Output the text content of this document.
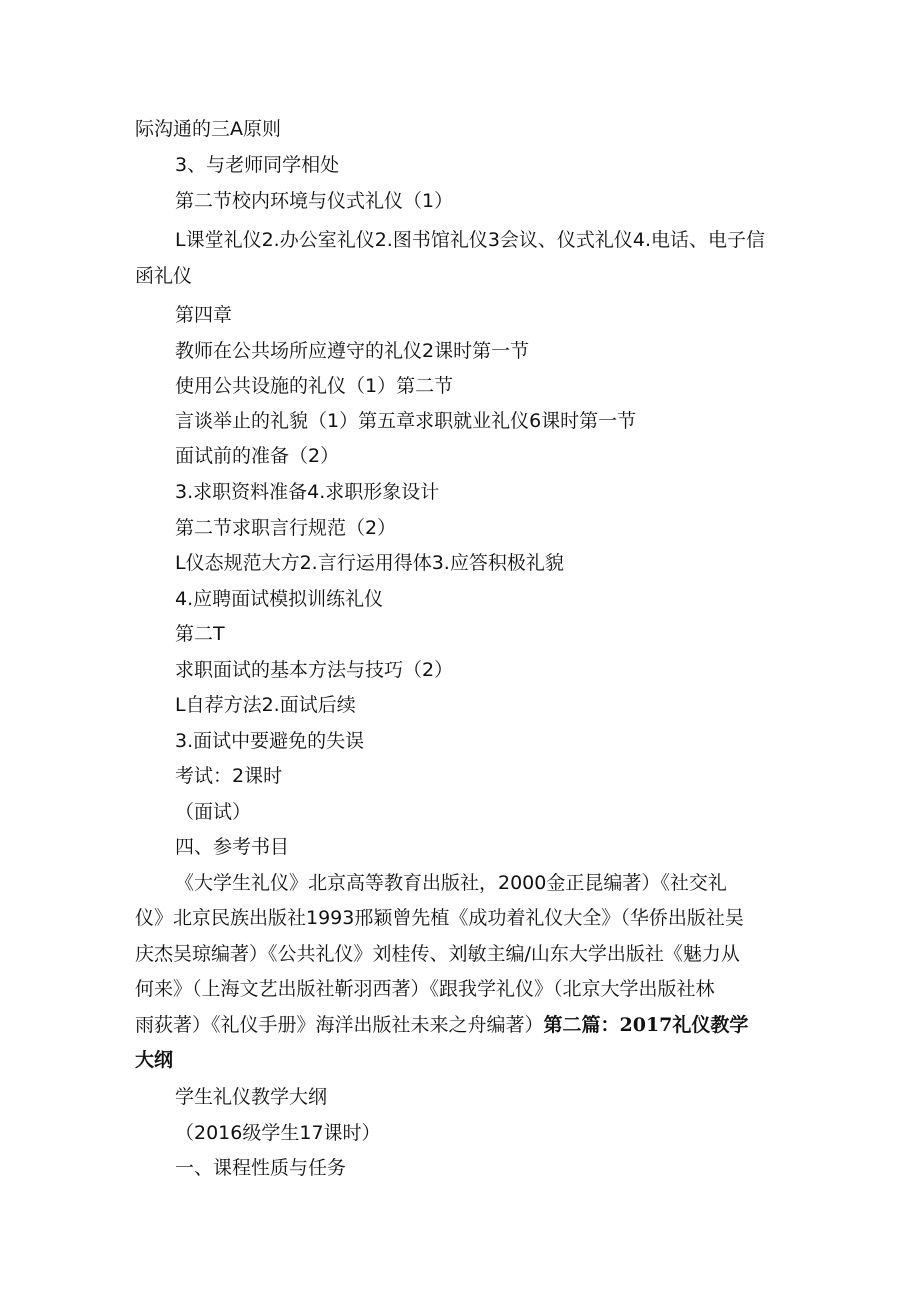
际沟通的三A原则
3、与老师同学相处
第二节校内环境与仪式礼仪（1）
L课堂礼仪2.办公室礼仪2.图书馆礼仪3会议、仪式礼仪4.电话、电子信
函礼仪
第四章
教师在公共场所应遵守的礼仪2课时第一节
使用公共设施的礼仪（1）第二节
言谈举止的礼貌（1）第五章求职就业礼仪6课时第一节
面试前的准备（2）
3.求职资料准备4.求职形象设计
第二节求职言行规范（2）
L仪态规范大方2.言行运用得体3.应答积极礼貌
4.应聘面试模拟训练礼仪
第二T
求职面试的基本方法与技巧（2）
L自荐方法2.面试后续
3.面试中要避免的失误
考试：2课时
（面试）
四、参考书目
《大学生礼仪》北京高等教育出版社，2000金正昆编著）《社交礼
仪》北京民族出版社1993邢颖曾先植《成功着礼仪大全》（华侨出版社吴
庆杰吴琼编著）《公共礼仪》刘桂传、刘敏主编/山东大学出版社《魅力从
何来》（上海文艺出版社靳羽西著）《跟我学礼仪》（北京大学出版社林
雨荻著）《礼仪手册》海洋出版社未来之舟编著）第二篇：2017礼仪教学
大纲
学生礼仪教学大纲
（2016级学生17课时）
一、课程性质与任务
